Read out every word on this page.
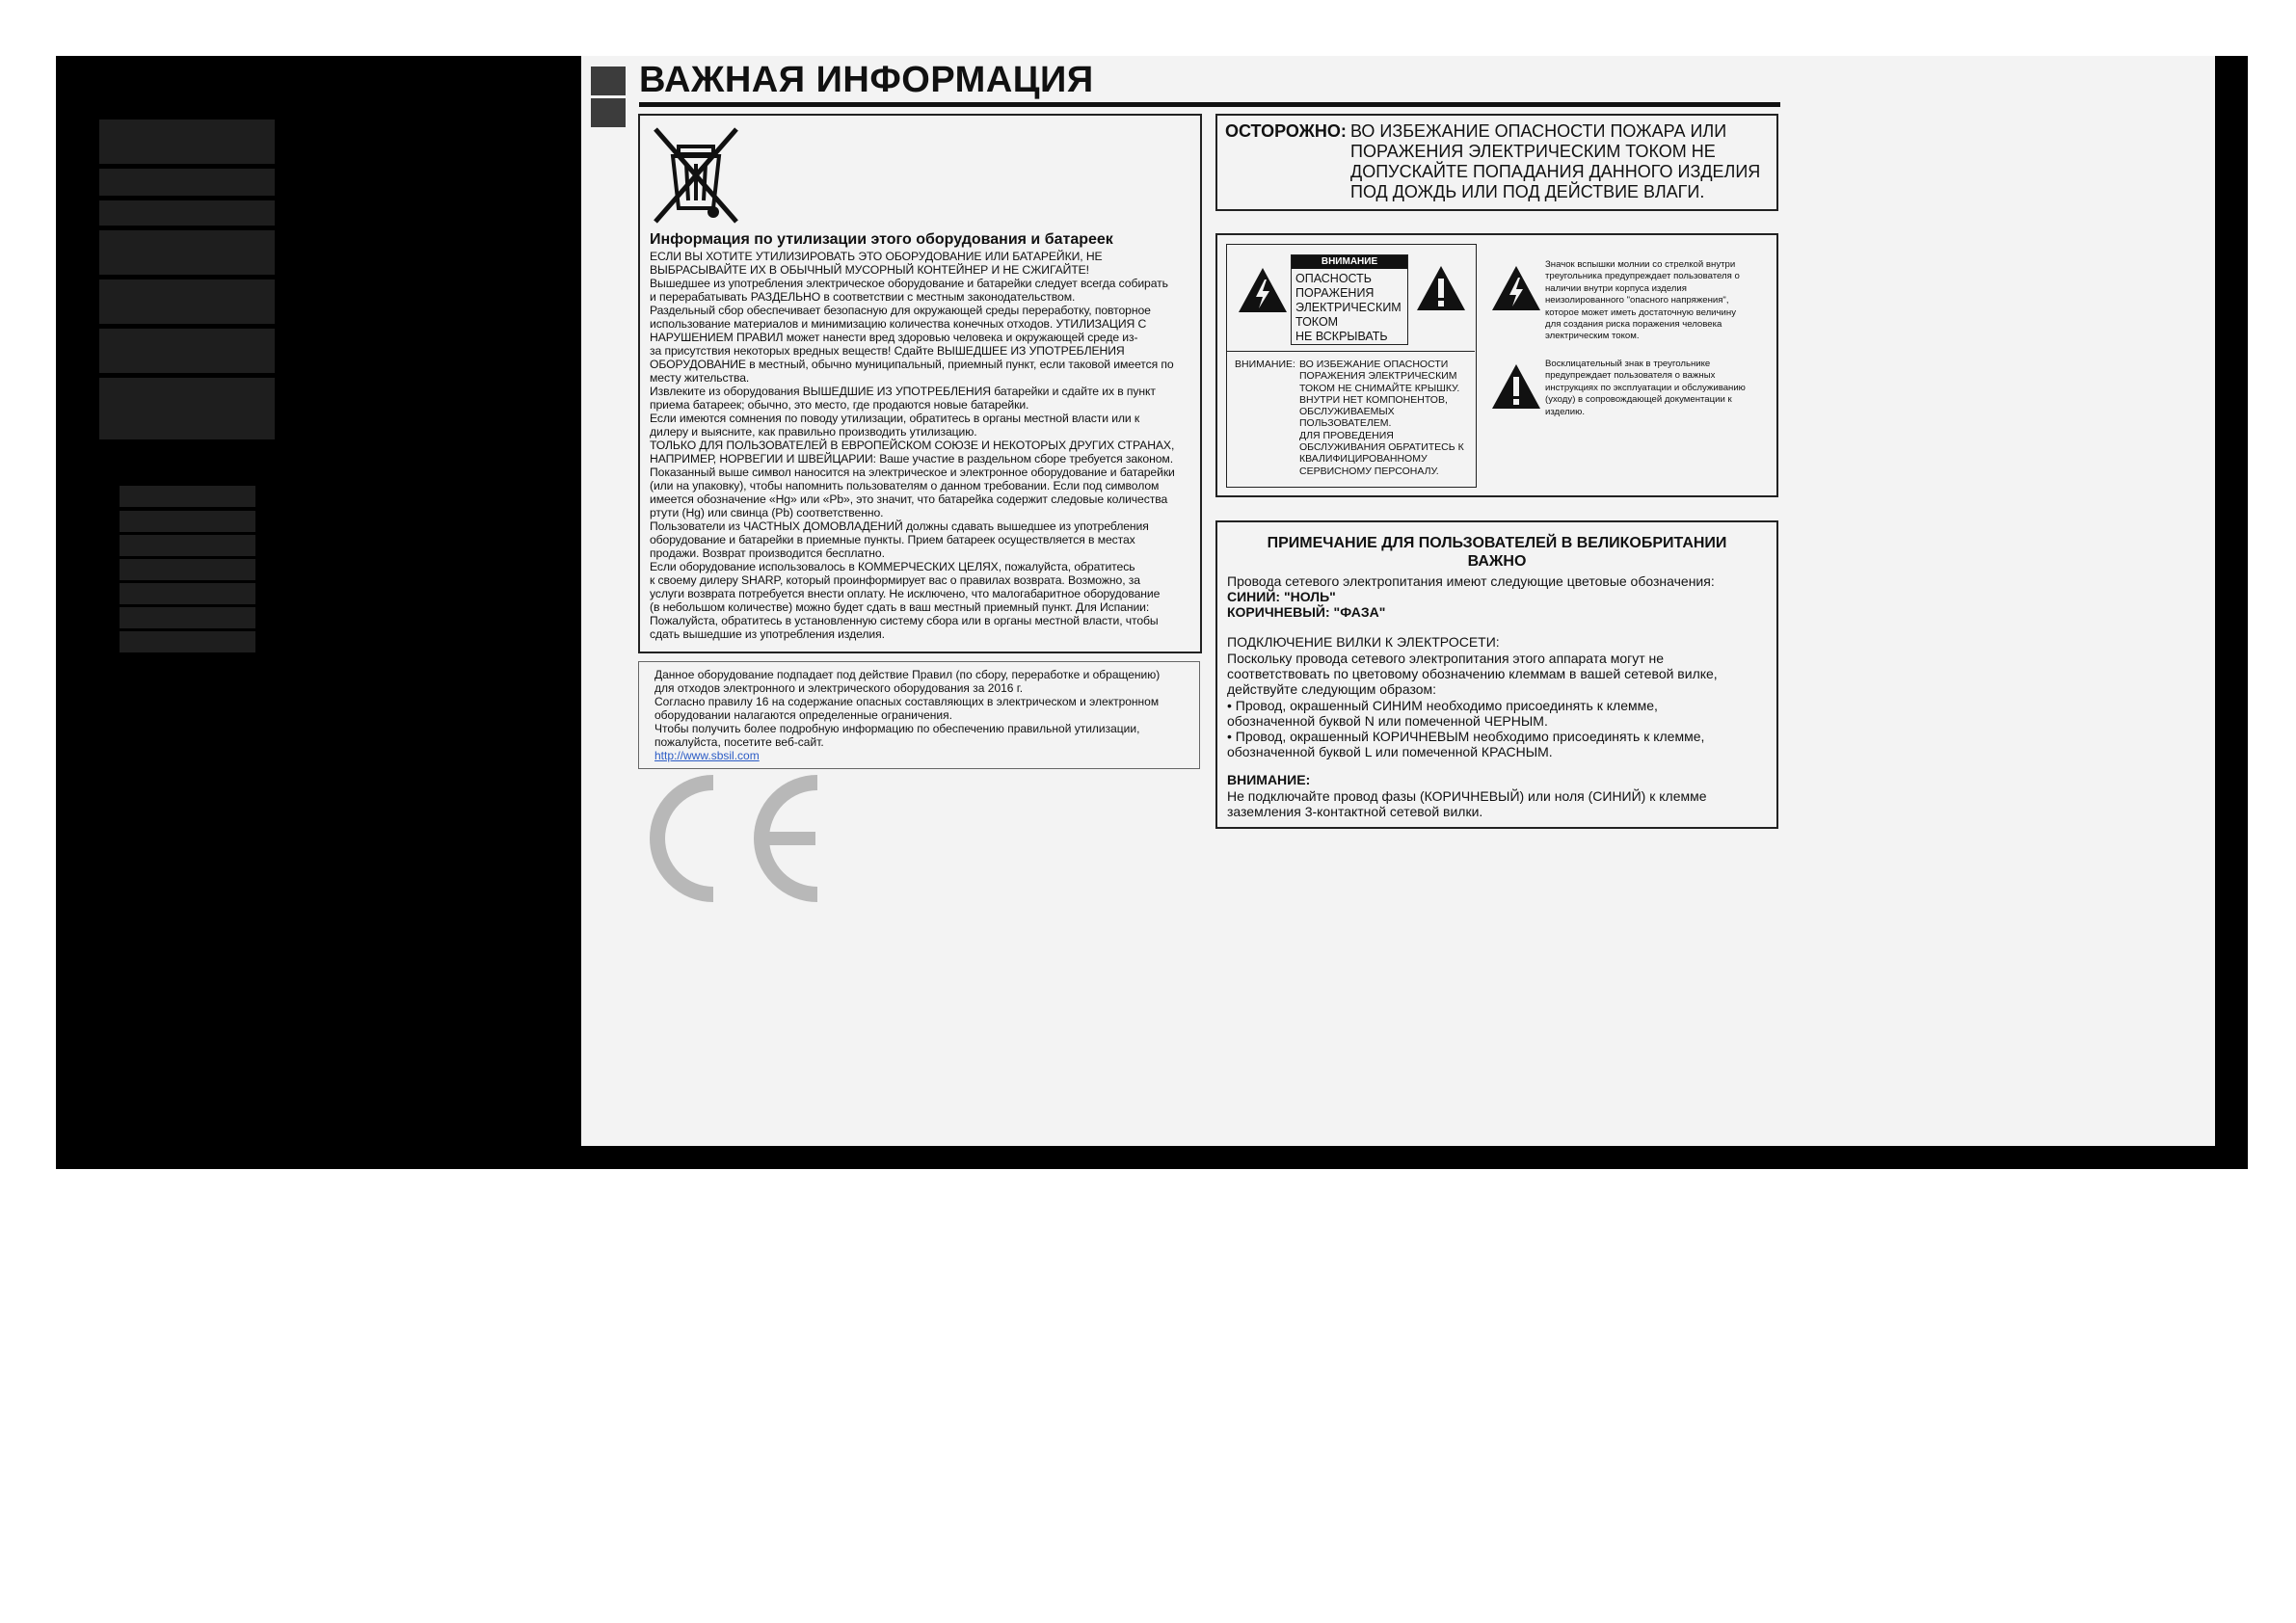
ВАЖНАЯ ИНФОРМАЦИЯ

Информация по утилизации этого оборудования и батареек

ЕСЛИ ВЫ ХОТИТЕ УТИЛИЗИРОВАТЬ ЭТО ОБОРУДОВАНИЕ ИЛИ БАТАРЕЙКИ, НЕ
ВЫБРАСЫВАЙТЕ ИХ В ОБЫЧНЫЙ МУСОРНЫЙ КОНТЕЙНЕР И НЕ СЖИГАЙТЕ!
Вышедшее из употребления электрическое оборудование и батарейки следует всегда собирать
и перерабатывать РАЗДЕЛЬНО в соответствии с местным законодательством.
Раздельный сбор обеспечивает безопасную для окружающей среды переработку, повторное
использование материалов и минимизацию количества конечных отходов. УТИЛИЗАЦИЯ С
НАРУШЕНИЕМ ПРАВИЛ может нанести вред здоровью человека и окружающей среде из-
за присутствия некоторых вредных веществ! Сдайте ВЫШЕДШЕЕ ИЗ УПОТРЕБЛЕНИЯ
ОБОРУДОВАНИЕ в местный, обычно муниципальный, приемный пункт, если таковой имеется по
месту жительства.
Извлеките из оборудования ВЫШЕДШИЕ ИЗ УПОТРЕБЛЕНИЯ батарейки и сдайте их в пункт
приема батареек; обычно, это место, где продаются новые батарейки.
Если имеются сомнения по поводу утилизации, обратитесь в органы местной власти или к
дилеру и выясните, как правильно производить утилизацию.
ТОЛЬКО ДЛЯ ПОЛЬЗОВАТЕЛЕЙ В ЕВРОПЕЙСКОМ СОЮЗЕ И НЕКОТОРЫХ ДРУГИХ СТРАНАХ,
НАПРИМЕР, НОРВЕГИИ И ШВЕЙЦАРИИ: Ваше участие в раздельном сборе требуется законом.
Показанный выше символ наносится на электрическое и электронное оборудование и батарейки
(или на упаковку), чтобы напомнить пользователям о данном требовании. Если под символом
имеется обозначение «Hg» или «Pb», это значит, что батарейка содержит следовые количества
ртути (Hg) или свинца (Pb) соответственно.
Пользователи из ЧАСТНЫХ ДОМОВЛАДЕНИЙ должны сдавать вышедшее из употребления
оборудование и батарейки в приемные пункты. Прием батареек осуществляется в местах
продажи. Возврат производится бесплатно.
Если оборудование использовалось в КОММЕРЧЕСКИХ ЦЕЛЯХ, пожалуйста, обратитесь
к своему дилеру SHARP, который проинформирует вас о правилах возврата. Возможно, за
услуги возврата потребуется внести оплату. Не исключено, что малогабаритное оборудование
(в небольшом количестве) можно будет сдать в ваш местный приемный пункт. Для Испании:
Пожалуйста, обратитесь в установленную систему сбора или в органы местной власти, чтобы
сдать вышедшие из употребления изделия.

Данное оборудование подпадает под действие Правил (по сбору, переработке и обращению)
для отходов электронного и электрического оборудования за 2016 г.
Согласно правилу 16 на содержание опасных составляющих в электрическом и электронном
оборудовании налагаются определенные ограничения.
Чтобы получить более подробную информацию по обеспечению правильной утилизации,
пожалуйста, посетите веб-сайт.

http://www.sbsil.com

ОСТОРОЖНО: ВО ИЗБЕЖАНИЕ ОПАСНОСТИ ПОЖАРА ИЛИ
ПОРАЖЕНИЯ ЭЛЕКТРИЧЕСКИМ ТОКОМ НЕ
ДОПУСКАЙТЕ ПОПАДАНИЯ ДАННОГО ИЗДЕЛИЯ
ПОД ДОЖДЬ ИЛИ ПОД ДЕЙСТВИЕ ВЛАГИ.

ВНИМАНИЕ

ОПАСНОСТЬ
ПОРАЖЕНИЯ
ЭЛЕКТРИЧЕСКИМ
ТОКОМ
НЕ ВСКРЫВАТЬ

ВНИМАНИЕ: ВО ИЗБЕЖАНИЕ ОПАСНОСТИ
ПОРАЖЕНИЯ ЭЛЕКТРИЧЕСКИМ
ТОКОМ НЕ СНИМАЙТЕ КРЫШКУ.
ВНУТРИ НЕТ КОМПОНЕНТОВ,
ОБСЛУЖИВАЕМЫХ
ПОЛЬЗОВАТЕЛЕМ.
ДЛЯ ПРОВЕДЕНИЯ
ОБСЛУЖИВАНИЯ ОБРАТИТЕСЬ К
КВАЛИФИЦИРОВАННОМУ
СЕРВИСНОМУ ПЕРСОНАЛУ.

Значок вспышки молнии со стрелкой внутри
треугольника предупреждает пользователя о
наличии внутри корпуса изделия
неизолированного "опасного напряжения",
которое может иметь достаточную величину
для создания риска поражения человека
электрическим током.

Восклицательный знак в треугольнике
предупреждает пользователя о важных
инструкциях по эксплуатации и обслуживанию
(уходу) в сопровождающей документации к
изделию.

ПРИМЕЧАНИЕ ДЛЯ ПОЛЬЗОВАТЕЛЕЙ В ВЕЛИКОБРИТАНИИ
ВАЖНО

Провода сетевого электропитания имеют следующие цветовые обозначения:

СИНИЙ: "НОЛЬ"

КОРИЧНЕВЫЙ: "ФАЗА"

ПОДКЛЮЧЕНИЕ ВИЛКИ К ЭЛЕКТРОСЕТИ:

Поскольку провода сетевого электропитания этого аппарата могут не
соответствовать по цветовому обозначению клеммам в вашей сетевой вилке,
действуйте следующим образом:

• Провод, окрашенный СИНИМ необходимо присоединять к клемме,
обозначенной буквой N или помеченной ЧЕРНЫМ.

• Провод, окрашенный КОРИЧНЕВЫМ необходимо присоединять к клемме,
обозначенной буквой L или помеченной КРАСНЫМ.

ВНИМАНИЕ:

Не подключайте провод фазы (КОРИЧНЕВЫЙ) или ноля (СИНИЙ) к клемме
заземления 3-контактной сетевой вилки.
